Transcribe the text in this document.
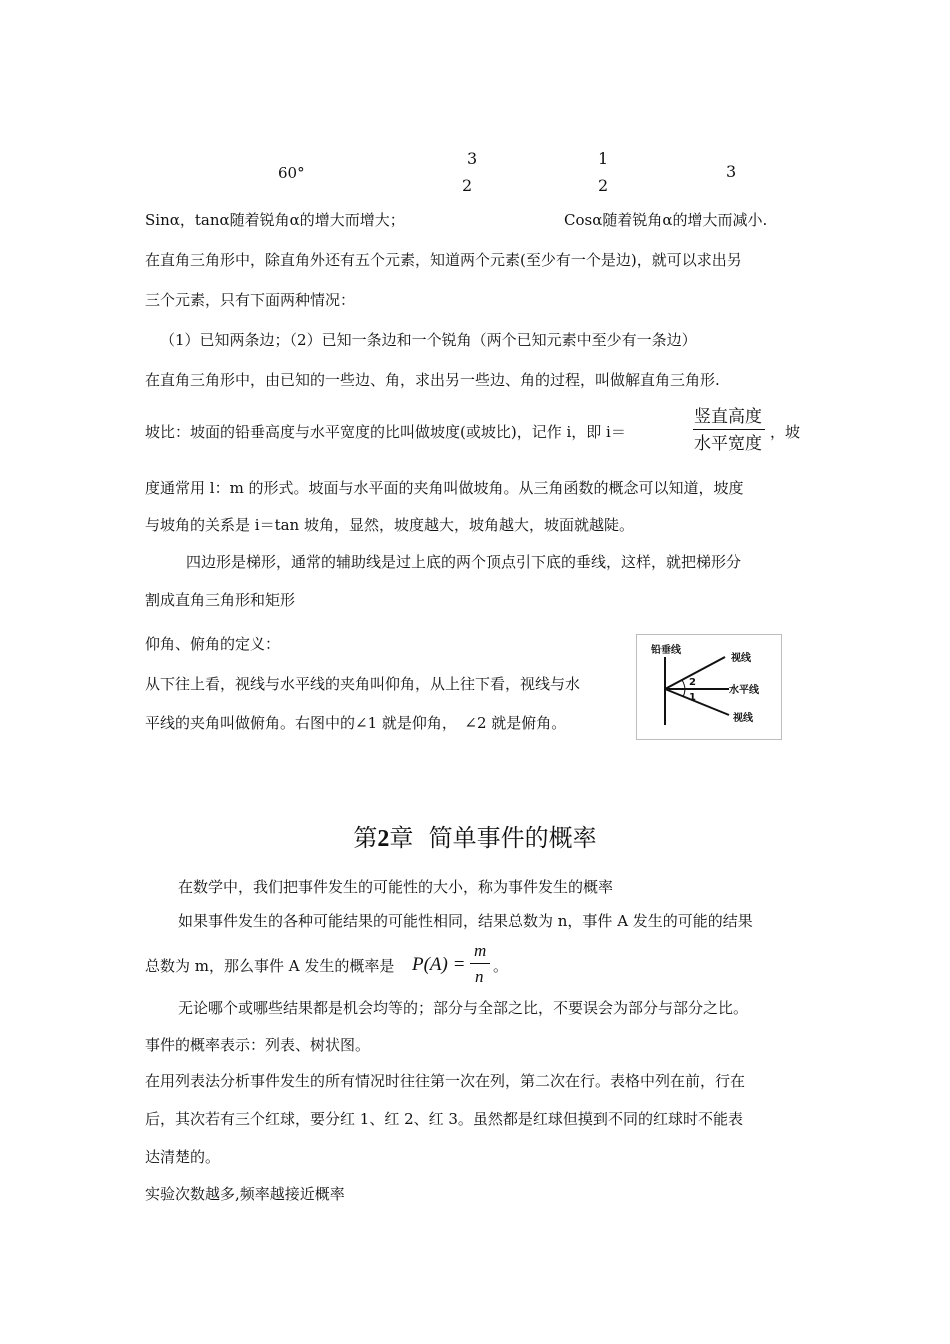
60°
3
2
1
2
3
Sinα，tanα随着锐角α的增大而增大；	Cosα随着锐角α的增大而减小.
在直角三角形中，除直角外还有五个元素，知道两个元素(至少有一个是边)，就可以求出另
三个元素，只有下面两种情况：
（1）已知两条边；（2）已知一条边和一个锐角（两个已知元素中至少有一条边）
在直角三角形中，由已知的一些边、角，求出另一些边、角的过程，叫做解直角三角形.
坡比：坡面的铅垂高度与水平宽度的比叫做坡度(或坡比)，记作 i，即 i＝
竖直高度
水平宽度
，坡
度通常用 l：m 的形式。坡面与水平面的夹角叫做坡角。从三角函数的概念可以知道，坡度
与坡角的关系是 i＝tan 坡角，显然，坡度越大，坡角越大，坡面就越陡。
四边形是梯形，通常的辅助线是过上底的两个顶点引下底的垂线，这样，就把梯形分
割成直角三角形和矩形
仰角、俯角的定义：
从下往上看，视线与水平线的夹角叫仰角，从上往下看，视线与水
平线的夹角叫做俯角。右图中的∠1 就是仰角，　∠2 就是俯角。
铅垂线
视线
水平线
视线
2
1
第2章 简单事件的概率
在数学中，我们把事件发生的可能性的大小，称为事件发生的概率
如果事件发生的各种可能结果的可能性相同，结果总数为 n，事件 A 发生的可能的结果
总数为 m，那么事件 A 发生的概率是 P(A) =
m
n
。
无论哪个或哪些结果都是机会均等的；部分与全部之比，不要误会为部分与部分之比。
事件的概率表示：列表、树状图。
在用列表法分析事件发生的所有情况时往往第一次在列，第二次在行。表格中列在前，行在
后，其次若有三个红球，要分红 1、红 2、红 3。虽然都是红球但摸到不同的红球时不能表
达清楚的。
实验次数越多,频率越接近概率
